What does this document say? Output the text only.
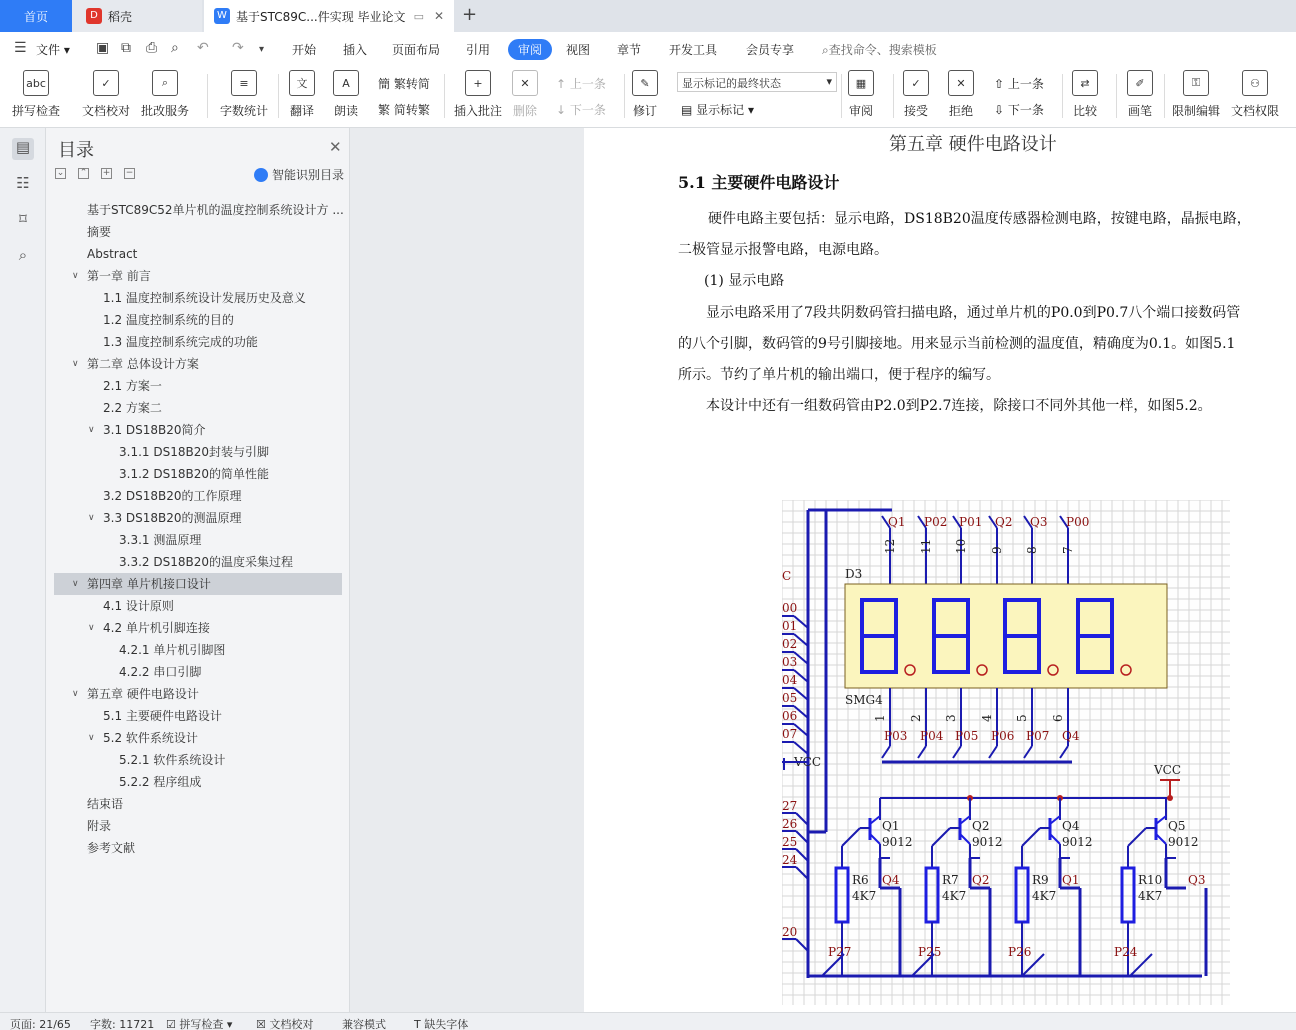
首页	D 稻壳	W 基于STC89C...件实现 毕业论文 ▭ ✕ +
☰ 文件 ▾ ▣ ⧉ ⎙ ⌕ ↶ ↷ ▾ 开始 插入 页面布局 引用	审阅	视图 章节 开发工具 会员专享 ⌕查找命令、搜索模板
abc
拼写检查
✓
文档校对
⌕
批改服务
≡
字数统计
文
翻译
A
朗读
簡 繁转简
繁 简转繁
+
插入批注
✕
删除
↑ 上一条
↓ 下一条
✎
修订
显示标记的最终状态	▾
▤ 显示标记 ▾
▦
审阅
✓
接受
✕
拒绝
⇧ 上一条
⇩ 下一条
⇄
比较
✐
画笔
⚿
限制编辑
⚇
文档权限
▤
☷
⌑
⌕
目录	✕
⌄ ⌃ + −	智能识别目录
基于STC89C52单片机的温度控制系统设计方 ...
摘要
Abstract
∨ 第一章 前言
1.1 温度控制系统设计发展历史及意义
1.2 温度控制系统的目的
1.3 温度控制系统完成的功能
∨ 第二章 总体设计方案
2.1 方案一
2.2 方案二
∨ 3.1 DS18B20简介
3.1.1 DS18B20封装与引脚
3.1.2 DS18B20的简单性能
3.2 DS18B20的工作原理
∨ 3.3 DS18B20的测温原理
3.3.1 测温原理
3.3.2 DS18B20的温度采集过程
∨ 第四章 单片机接口设计
4.1 设计原则
∨ 4.2 单片机引脚连接
4.2.1 单片机引脚图
4.2.2 串口引脚
∨ 第五章 硬件电路设计
5.1 主要硬件电路设计
∨ 5.2 软件系统设计
5.2.1 软件系统设计
5.2.2 程序组成
结束语
附录
参考文献
第五章 硬件电路设计
5.1 主要硬件电路设计
硬件电路主要包括：显示电路，DS18B20温度传感器检测电路，按键电路，晶振电路，
二极管显示报警电路，电源电路。
(1) 显示电路
显示电路采用了7段共阴数码管扫描电路，通过单片机的P0.0到P0.7八个端口接数码管
的八个引脚，数码管的9号引脚接地。用来显示当前检测的温度值，精确度为0.1。如图5.1
所示。节约了单片机的输出端口，便于程序的编写。
本设计中还有一组数码管由P2.0到P2.7连接，除接口不同外其他一样，如图5.2。
Q1
12
P02
11
P01
10
Q2
9
Q3
8
P00
7
D3
SMG4
P03
1
P04
2
P05
3
P06
4
P07
5
Q4
6
00
01
02
03
04
05
06
07
C
VCC
27
26
25
24
20
VCC
Q1
9012
R6
4K7
Q4
P27
Q2
9012
R7
4K7
Q2
P25
Q4
9012
R9
4K7
Q1
P26
Q5
9012
R10
4K7
Q3
P24
页面: 21/65 字数: 11721 ☑ 拼写检查 ▾ ☒ 文档校对	兼容模式	T 缺失字体
